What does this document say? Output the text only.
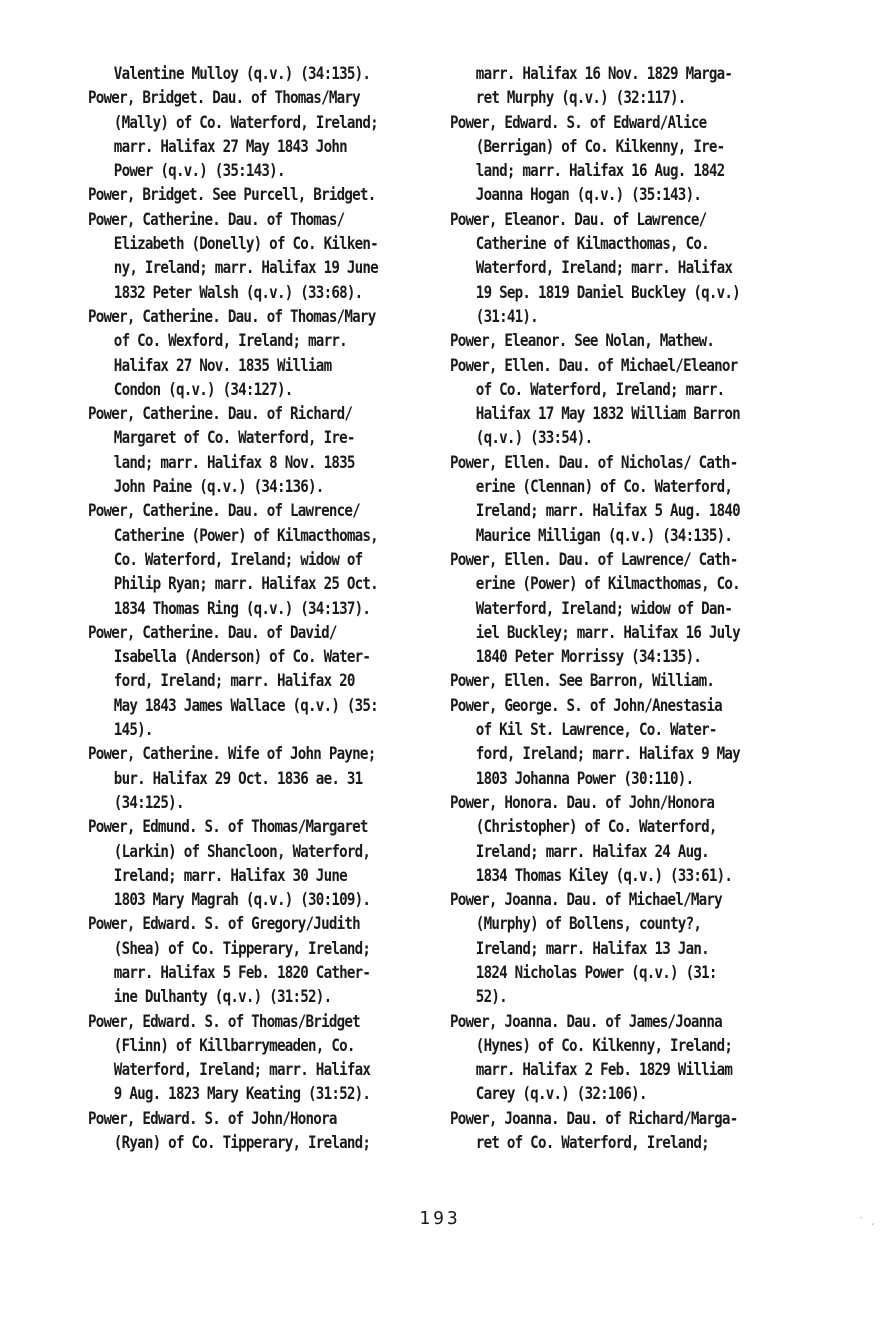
Valentine Mulloy (q.v.) (34:135).
Power, Bridget. Dau. of Thomas/Mary
(Mally) of Co. Waterford, Ireland;
marr. Halifax 27 May 1843 John
Power (q.v.) (35:143).
Power, Bridget. See Purcell, Bridget.
Power, Catherine. Dau. of Thomas/
Elizabeth (Donelly) of Co. Kilken-
ny, Ireland; marr. Halifax 19 June
1832 Peter Walsh (q.v.) (33:68).
Power, Catherine. Dau. of Thomas/Mary
of Co. Wexford, Ireland; marr.
Halifax 27 Nov. 1835 William
Condon (q.v.) (34:127).
Power, Catherine. Dau. of Richard/
Margaret of Co. Waterford, Ire-
land; marr. Halifax 8 Nov. 1835
John Paine (q.v.) (34:136).
Power, Catherine. Dau. of Lawrence/
Catherine (Power) of Kilmacthomas,
Co. Waterford, Ireland; widow of
Philip Ryan; marr. Halifax 25 Oct.
1834 Thomas Ring (q.v.) (34:137).
Power, Catherine. Dau. of David/
Isabella (Anderson) of Co. Water-
ford, Ireland; marr. Halifax 20
May 1843 James Wallace (q.v.) (35:
145).
Power, Catherine. Wife of John Payne;
bur. Halifax 29 Oct. 1836 ae. 31
(34:125).
Power, Edmund. S. of Thomas/Margaret
(Larkin) of Shancloon, Waterford,
Ireland; marr. Halifax 30 June
1803 Mary Magrah (q.v.) (30:109).
Power, Edward. S. of Gregory/Judith
(Shea) of Co. Tipperary, Ireland;
marr. Halifax 5 Feb. 1820 Cather-
ine Dulhanty (q.v.) (31:52).
Power, Edward. S. of Thomas/Bridget
(Flinn) of Killbarrymeaden, Co.
Waterford, Ireland; marr. Halifax
9 Aug. 1823 Mary Keating (31:52).
Power, Edward. S. of John/Honora
(Ryan) of Co. Tipperary, Ireland;
marr. Halifax 16 Nov. 1829 Marga-
ret Murphy (q.v.) (32:117).
Power, Edward. S. of Edward/Alice
(Berrigan) of Co. Kilkenny, Ire-
land; marr. Halifax 16 Aug. 1842
Joanna Hogan (q.v.) (35:143).
Power, Eleanor. Dau. of Lawrence/
Catherine of Kilmacthomas, Co.
Waterford, Ireland; marr. Halifax
19 Sep. 1819 Daniel Buckley (q.v.)
(31:41).
Power, Eleanor. See Nolan, Mathew.
Power, Ellen. Dau. of Michael/Eleanor
of Co. Waterford, Ireland; marr.
Halifax 17 May 1832 William Barron
(q.v.) (33:54).
Power, Ellen. Dau. of Nicholas/ Cath-
erine (Clennan) of Co. Waterford,
Ireland; marr. Halifax 5 Aug. 1840
Maurice Milligan (q.v.) (34:135).
Power, Ellen. Dau. of Lawrence/ Cath-
erine (Power) of Kilmacthomas, Co.
Waterford, Ireland; widow of Dan-
iel Buckley; marr. Halifax 16 July
1840 Peter Morrissy (34:135).
Power, Ellen. See Barron, William.
Power, George. S. of John/Anestasia
of Kil St. Lawrence, Co. Water-
ford, Ireland; marr. Halifax 9 May
1803 Johanna Power (30:110).
Power, Honora. Dau. of John/Honora
(Christopher) of Co. Waterford,
Ireland; marr. Halifax 24 Aug.
1834 Thomas Kiley (q.v.) (33:61).
Power, Joanna. Dau. of Michael/Mary
(Murphy) of Bollens, county?,
Ireland; marr. Halifax 13 Jan.
1824 Nicholas Power (q.v.) (31:
52).
Power, Joanna. Dau. of James/Joanna
(Hynes) of Co. Kilkenny, Ireland;
marr. Halifax 2 Feb. 1829 William
Carey (q.v.) (32:106).
Power, Joanna. Dau. of Richard/Marga-
ret of Co. Waterford, Ireland;
193	ˑ ˏ
